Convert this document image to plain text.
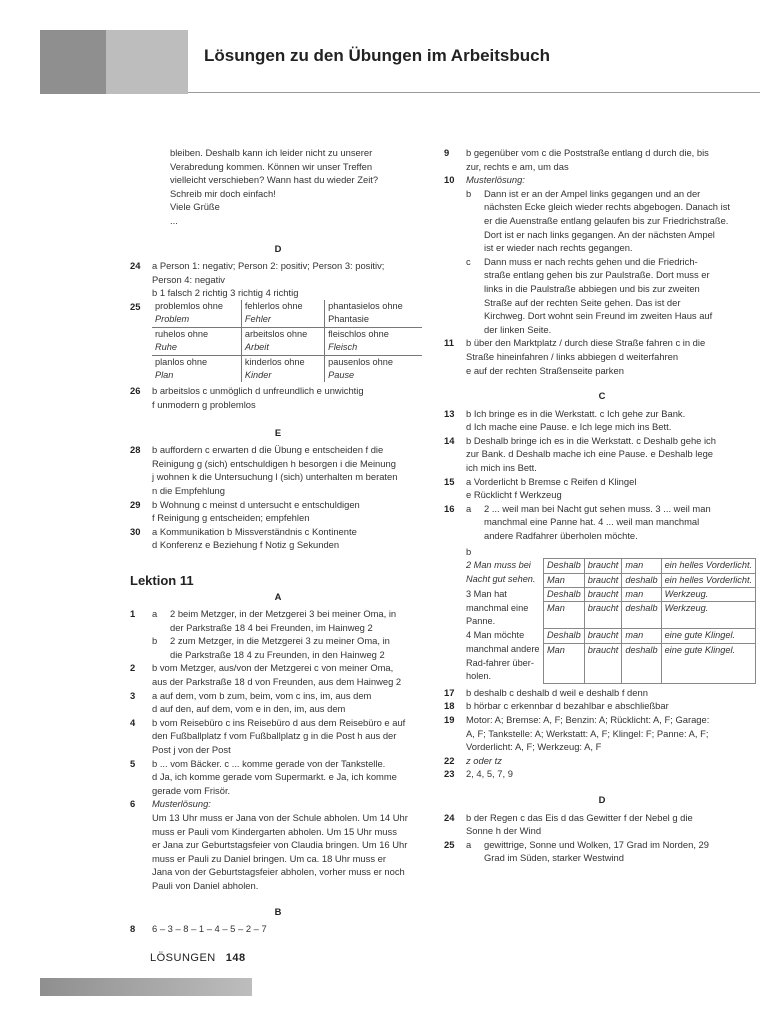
Lösungen zu den Übungen im Arbeitsbuch
bleiben. Deshalb kann ich leider nicht zu unserer
Verabredung kommen. Können wir unser Treffen
vielleicht verschieben? Wann hast du wieder Zeit?
Schreib mir doch einfach!
Viele Grüße
...
D
24 a Person 1: negativ; Person 2: positiv; Person 3: positiv;
Person 4: negativ
b 1 falsch 2 richtig 3 richtig 4 richtig
25 problemlos ohne	fehlerlos ohne	phantasielos ohne
Problem	Fehler	Phantasie
ruhelos ohne	arbeitslos ohne	fleischlos ohne
Ruhe	Arbeit	Fleisch
planlos ohne	kinderlos ohne	pausenlos ohne
Plan	Kinder	Pause
26 b arbeitslos c unmöglich d unfreundlich e unwichtig
f unmodern g problemlos
E
28 b auffordern c erwarten d die Übung e entscheiden f die
Reinigung g (sich) entschuldigen h besorgen i die Meinung
j wohnen k die Untersuchung l (sich) unterhalten m beraten
n die Empfehlung
29 b Wohnung c meinst d untersucht e entschuldigen
f Reinigung g entscheiden; empfehlen
30 a Kommunikation b Missverständnis c Kontinente
d Konferenz e Beziehung f Notiz g Sekunden
Lektion 11
A
1 a 2 beim Metzger, in der Metzgerei 3 bei meiner Oma, in
der Parkstraße 18 4 bei Freunden, im Hainweg 2
b 2 zum Metzger, in die Metzgerei 3 zu meiner Oma, in
die Parkstraße 18 4 zu Freunden, in den Hainweg 2
2 b vom Metzger, aus/von der Metzgerei c von meiner Oma,
aus der Parkstraße 18 d von Freunden, aus dem Hainweg 2
3 a auf dem, vom b zum, beim, vom c ins, im, aus dem
d auf den, auf dem, vom e in den, im, aus dem
4 b vom Reisebüro c ins Reisebüro d aus dem Reisebüro e auf
den Fußballplatz f vom Fußballplatz g in die Post h aus der
Post j von der Post
5 b ... vom Bäcker. c ... komme gerade von der Tankstelle.
d Ja, ich komme gerade vom Supermarkt. e Ja, ich komme
gerade vom Frisör.
6 Musterlösung:
Um 13 Uhr muss er Jana von der Schule abholen. Um 14 Uhr
muss er Pauli vom Kindergarten abholen. Um 15 Uhr muss
er Jana zur Geburtstagsfeier von Claudia bringen. Um 16 Uhr
muss er Pauli zu Daniel bringen. Um ca. 18 Uhr muss er
Jana von der Geburtstagsfeier abholen, vorher muss er noch
Pauli von Daniel abholen.
B
8 6 – 3 – 8 – 1 – 4 – 5 – 2 – 7
9 b gegenüber vom c die Poststraße entlang d durch die, bis
zur, rechts e am, um das
10 Musterlösung:
b Dann ist er an der Ampel links gegangen und an der
nächsten Ecke gleich wieder rechts abgebogen. Danach ist
er die Auenstraße entlang gelaufen bis zur Friedrichstraße.
Dort ist er nach links gegangen. An der nächsten Ampel
ist er wieder nach rechts gegangen.
c Dann muss er nach rechts gehen und die Friedrich-
straße entlang gehen bis zur Paulstraße. Dort muss er
links in die Paulstraße abbiegen und bis zur zweiten
Straße auf der rechten Seite gehen. Das ist der
Kirchweg. Dort wohnt sein Freund im zweiten Haus auf
der linken Seite.
11 b über den Marktplatz / durch diese Straße fahren c in die
Straße hineinfahren / links abbiegen d weiterfahren
e auf der rechten Straßenseite parken
C
13 b Ich bringe es in die Werkstatt. c Ich gehe zur Bank.
d Ich mache eine Pause. e Ich lege mich ins Bett.
14 b Deshalb bringe ich es in die Werkstatt. c Deshalb gehe ich
zur Bank. d Deshalb mache ich eine Pause. e Deshalb lege
ich mich ins Bett.
15 a Vorderlicht b Bremse c Reifen d Klingel
e Rücklicht f Werkzeug
16 a 2 ... weil man bei Nacht gut sehen muss. 3 ... weil man
manchmal eine Panne hat. 4 ... weil man manchmal
andere Radfahrer überholen möchte.
b
2 Man muss bei	Deshalb	braucht	man	ein helles Vorderlicht.
Nacht gut sehen.	Man	braucht	deshalb	ein helles Vorderlicht.
3 Man hat	Deshalb	braucht	man	Werkzeug.
manchmal eine Panne.	Man	braucht	deshalb	Werkzeug.
4 Man möchte	Deshalb	braucht	man	eine gute Klingel.
manchmal andere Rad-fahrer über-holen.	Man	braucht	deshalb	eine gute Klingel.
17 b deshalb c deshalb d weil e deshalb f denn
18 b hörbar c erkennbar d bezahlbar e abschließbar
19 Motor: A; Bremse: A, F; Benzin: A; Rücklicht: A, F; Garage:
A, F; Tankstelle: A; Werkstatt: A, F; Klingel: F; Panne: A, F;
Vorderlicht: A, F; Werkzeug: A, F
22 z oder tz
23 2, 4, 5, 7, 9
D
24 b der Regen c das Eis d das Gewitter f der Nebel g die
Sonne h der Wind
25 a gewittrige, Sonne und Wolken, 17 Grad im Norden, 29
Grad im Süden, starker Westwind
LÖSUNGEN 148
